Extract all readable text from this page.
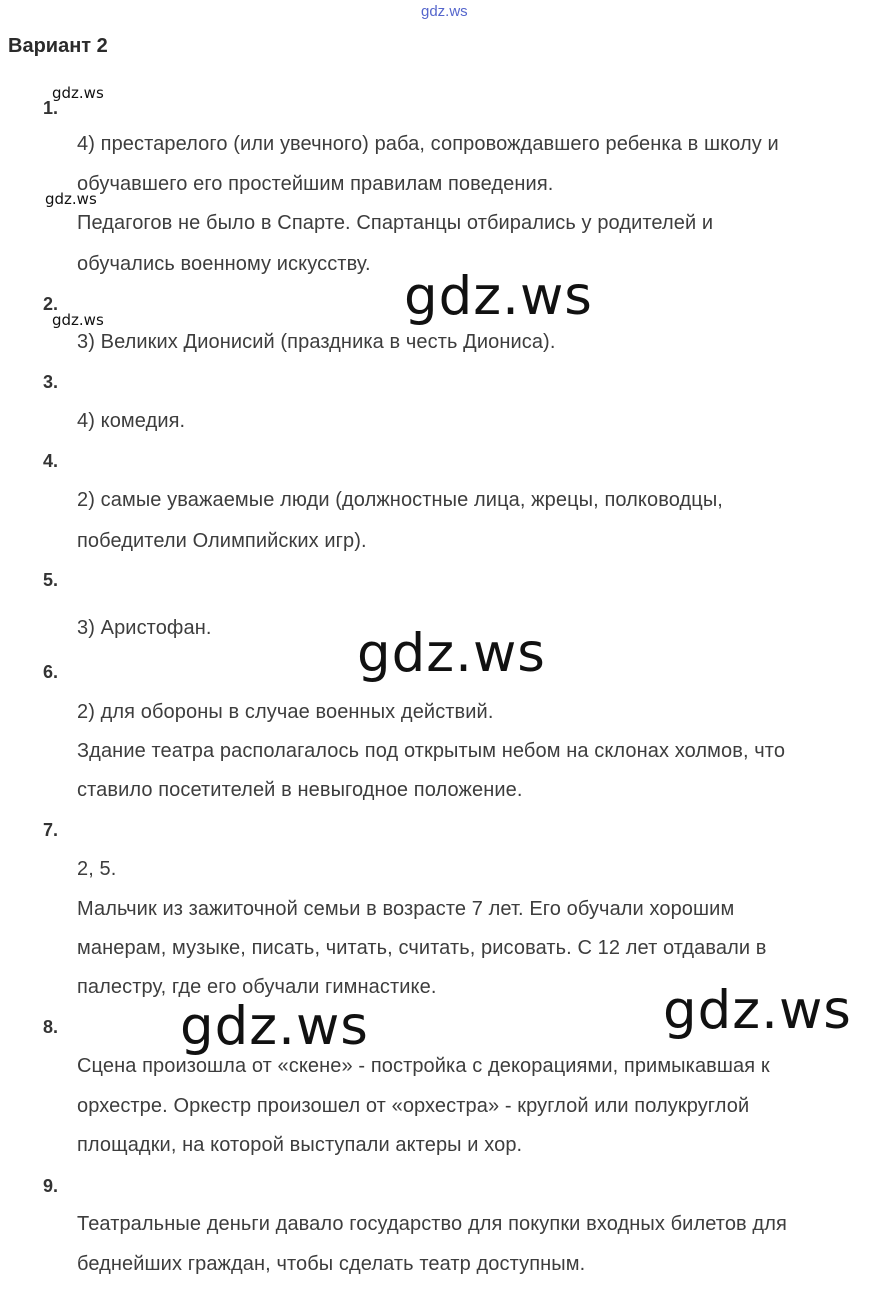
gdz.ws
Вариант 2
1.
4) престарелого (или увечного) раба, сопровождавшего ребенка в школу и
обучавшего его простейшим правилам поведения.
Педагогов не было в Спарте. Спартанцы отбирались у родителей и
обучались военному искусству.
2.
3) Великих Дионисий (праздника в честь Диониса).
3.
4) комедия.
4.
2) самые уважаемые люди (должностные лица, жрецы, полководцы,
победители Олимпийских игр).
5.
3) Аристофан.
6.
2) для обороны в случае военных действий.
Здание театра располагалось под открытым небом на склонах холмов, что
ставило посетителей в невыгодное положение.
7.
2, 5.
Мальчик из зажиточной семьи в возрасте 7 лет. Его обучали хорошим
манерам, музыке, писать, читать, считать, рисовать. С 12 лет отдавали в
палестру, где его обучали гимнастике.
8.
Сцена произошла от «скене» - постройка с декорациями, примыкавшая к
орхестре. Оркестр произошел от «орхестра» - круглой или полукруглой
площадки, на которой выступали актеры и хор.
9.
Театральные деньги давало государство для покупки входных билетов для
беднейших граждан, чтобы сделать театр доступным.
gdz.ws
gdz.ws
gdz.ws	gdz.ws
gdz.ws
gdz.ws
gdz.ws
